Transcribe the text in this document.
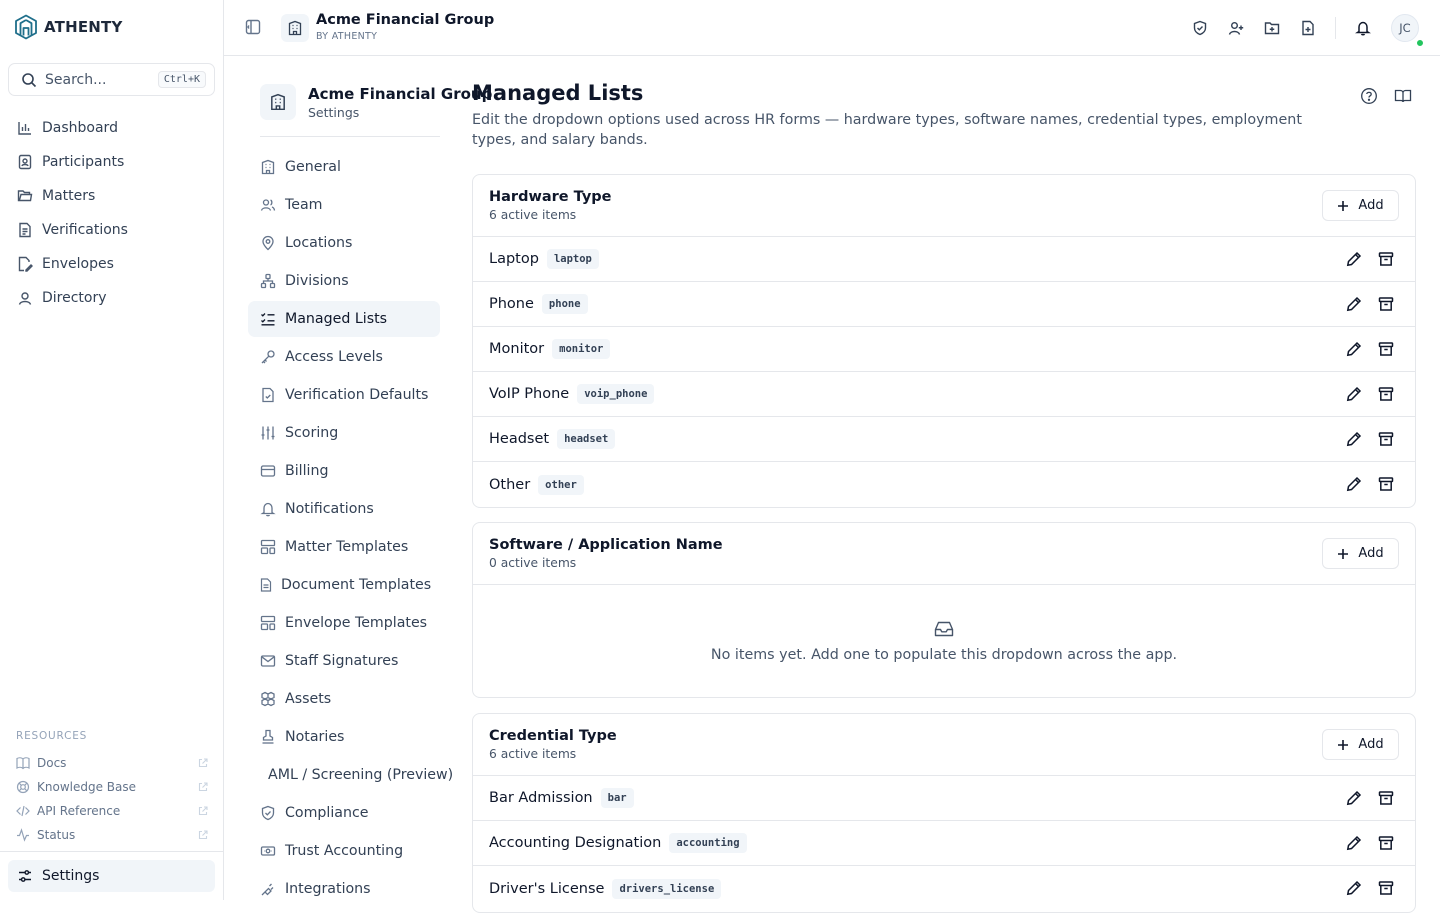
ATHENTY
Search...	Ctrl+K
Dashboard
Participants
Matters
Verifications
Envelopes
Directory
RESOURCES
Docs
Knowledge Base
API Reference
Status
Settings
Acme Financial Group
BY ATHENTY
JC
Acme Financial Group
Settings
General
Team
Locations
Divisions
Managed Lists
Access Levels
Verification Defaults
Scoring
Billing
Notifications
Matter Templates
Document Templates
Envelope Templates
Staff Signatures
Assets
Notaries
AML / Screening (Preview)
Compliance
Trust Accounting
Integrations
Managed Lists

Edit the dropdown options used across HR forms — hardware types, software names, credential types, employment types, and salary bands.

Hardware Type
6 active items
Add
Laptop	laptop
Phone	phone
Monitor	monitor
VoIP Phone	voip_phone
Headset	headset
Other	other
Software / Application Name
0 active items
Add
No items yet. Add one to populate this dropdown across the app.
Credential Type
6 active items
Add
Bar Admission	bar
Accounting Designation	accounting
Driver's License	drivers_license
